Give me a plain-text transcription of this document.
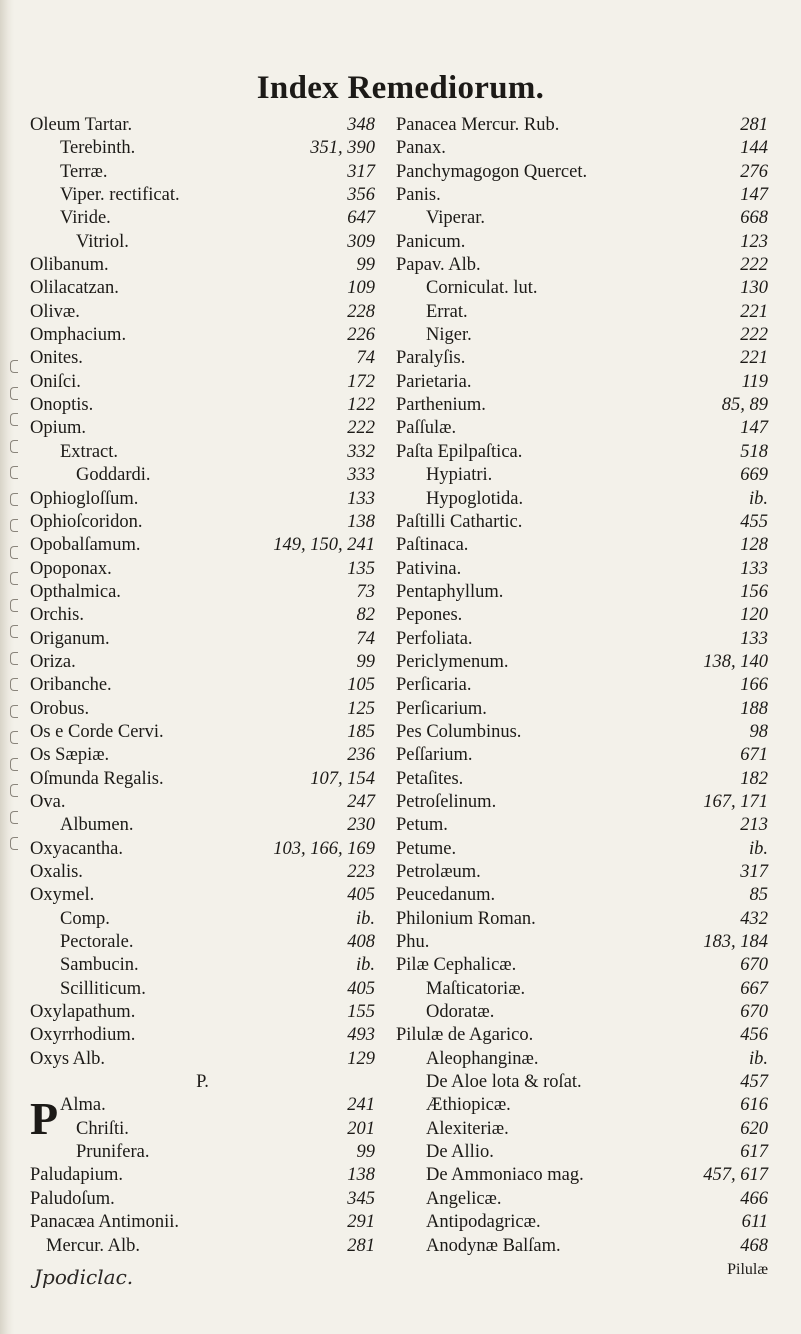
Index Remediorum.
Oleum Tartar.	348
Terebinth.	351, 390
Terræ.	317
Viper. rectificat.	356
Viride.	647
Vitriol.	309
Olibanum.	99
Olilacatzan.	109
Olivæ.	228
Omphacium.	226
Onites.	74
Oniſci.	172
Onoptis.	122
Opium.	222
Extract.	332
Goddardi.	333
Ophiogloſſum.	133
Ophioſcoridon.	138
Opobalſamum.	149, 150, 241
Opoponax.	135
Opthalmica.	73
Orchis.	82
Origanum.	74
Oriza.	99
Oribanche.	105
Orobus.	125
Os e Corde Cervi.	185
Os Sæpiæ.	236
Oſmunda Regalis.	107, 154
Ova.	247
Albumen.	230
Oxyacantha.	103, 166, 169
Oxalis.	223
Oxymel.	405
Comp.	ib.
Pectorale.	408
Sambucin.	ib.
Scilliticum.	405
Oxylapathum.	155
Oxyrrhodium.	493
Oxys Alb.	129
P.
P Alma.	241
Chriſti.	201
Prunifera.	99
Paludapium.	138
Paludoſum.	345
Panacæa Antimonii.	291
Mercur. Alb.	281
Panacea Mercur. Rub.	281
Panax.	144
Panchymagogon Quercet.	276
Panis.	147
Viperar.	668
Panicum.	123
Papav. Alb.	222
Corniculat. lut.	130
Errat.	221
Niger.	222
Paralyſis.	221
Parietaria.	119
Parthenium.	85, 89
Paſſulæ.	147
Paſta Epilpaſtica.	518
Hypiatri.	669
Hypoglotida.	ib.
Paſtilli Cathartic.	455
Paſtinaca.	128
Pativina.	133
Pentaphyllum.	156
Pepones.	120
Perfoliata.	133
Periclymenum.	138, 140
Perſicaria.	166
Perſicarium.	188
Pes Columbinus.	98
Peſſarium.	671
Petaſites.	182
Petroſelinum.	167, 171
Petum.	213
Petume.	ib.
Petrolæum.	317
Peucedanum.	85
Philonium Roman.	432
Phu.	183, 184
Pilæ Cephalicæ.	670
Maſticatoriæ.	667
Odoratæ.	670
Pilulæ de Agarico.	456
Aleophanginæ.	ib.
De Aloe lota & roſat.	457
Æthiopicæ.	616
Alexiteriæ.	620
De Allio.	617
De Ammoniaco mag.	457, 617
Angelicæ.	466
Antipodagricæ.	611
Anodynæ Balſam.	468
Pilulæ
Jpodiclac.
